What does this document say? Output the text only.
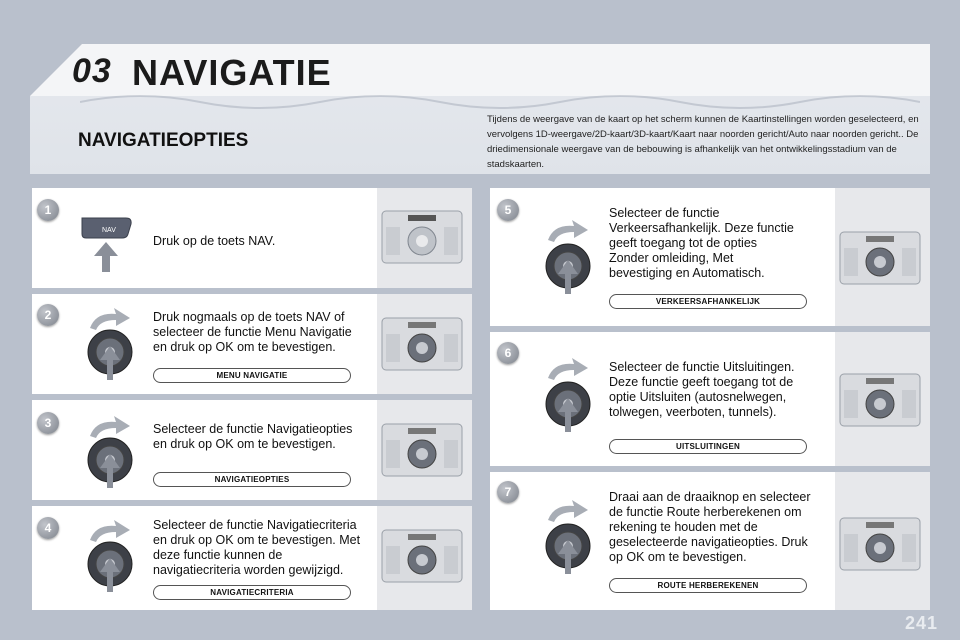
03 NAVIGATIE
NAVIGATIEOPTIES
Tijdens de weergave van de kaart op het scherm kunnen de Kaartinstellingen worden geselecteerd, en vervolgens 1D-weergave/2D-kaart/3D-kaart/Kaart naar noorden gericht/Auto naar noorden gericht.. De driedimensionale weergave van de bebouwing is afhankelijk van het ontwikkelingsstadium van de stadskaarten.
1
NAV
Druk op de toets NAV.
2	Druk nogmaals op de toets NAV of selecteer de functie Menu Navigatie en druk op OK om te bevestigen.
MENU NAVIGATIE
3	Selecteer de functie Navigatieopties en druk op OK om te bevestigen.
NAVIGATIEOPTIES
4	Selecteer de functie Navigatiecriteria en druk op OK om te bevestigen. Met deze functie kunnen de navigatiecriteria worden gewijzigd.
NAVIGATIECRITERIA
5	Selecteer de functie Verkeersafhankelijk. Deze functie geeft toegang tot de opties Zonder omleiding, Met bevestiging en Automatisch.
VERKEERSAFHANKELIJK
6
Selecteer de functie Uitsluitingen. Deze functie geeft toegang tot de optie Uitsluiten (autosnelwegen, tolwegen, veerboten, tunnels).
UITSLUITINGEN
7	Draai aan de draaiknop en selecteer de functie Route herberekenen om rekening te houden met de geselecteerde navigatieopties. Druk op OK om te bevestigen.
ROUTE HERBEREKENEN
241
